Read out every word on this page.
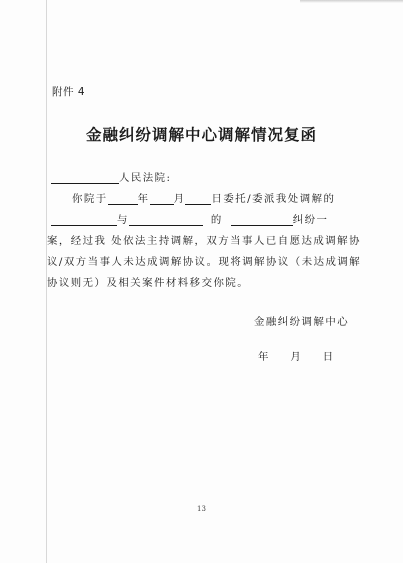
附件 4
金融纠纷调解中心调解情况复函
人民法院:
你院于	年 月	日委托/委派我处调解的
与	的	纠纷一
案，经过我 处依法主持调解，双方当事人已自愿达成调解协
议/双方当事人未达成调解协议。现将调解协议（未达成调解
协议则无）及相关案件材料移交你院。
金融纠纷调解中心
年 月 日
13
